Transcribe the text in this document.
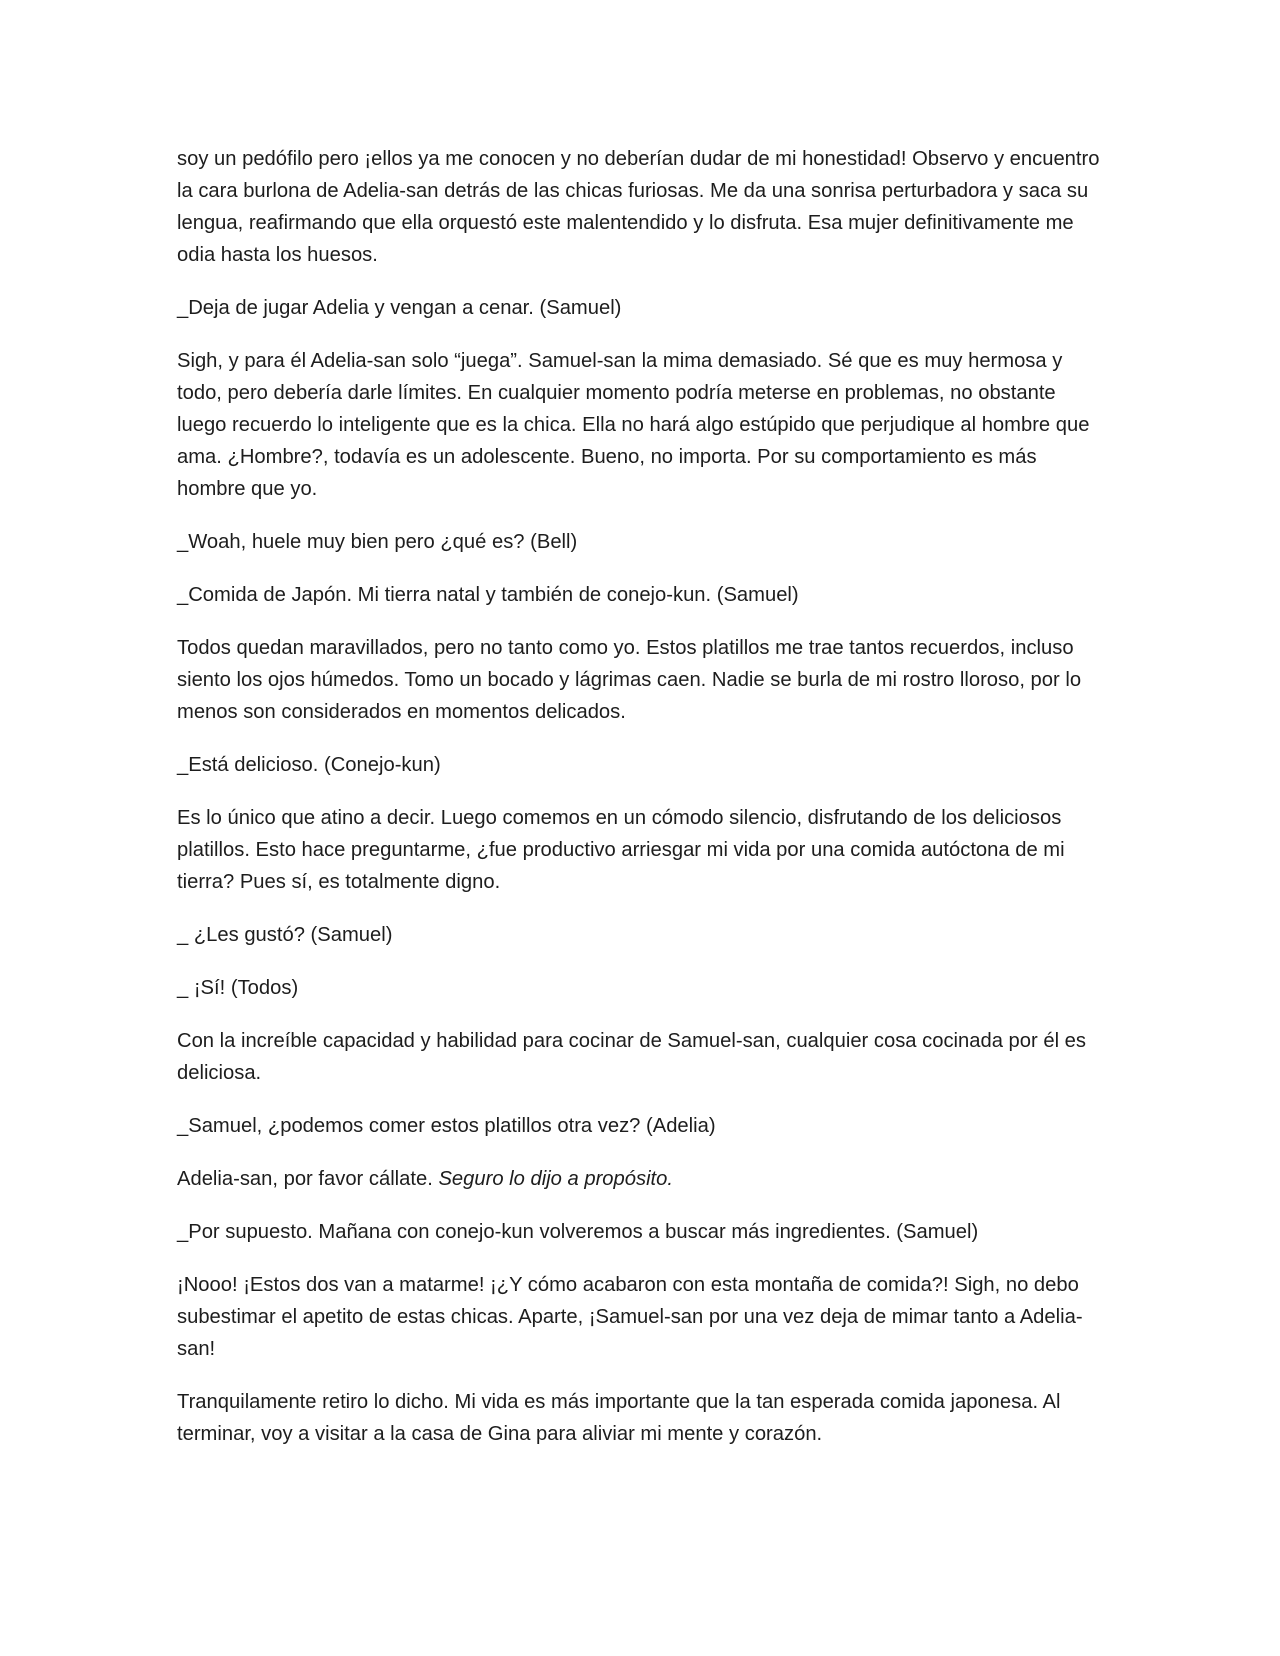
soy un pedófilo pero ¡ellos ya me conocen y no deberían dudar de mi honestidad! Observo y encuentro la cara burlona de Adelia-san detrás de las chicas furiosas. Me da una sonrisa perturbadora y saca su lengua, reafirmando que ella orquestó este malentendido y lo disfruta. Esa mujer definitivamente me odia hasta los huesos.

_Deja de jugar Adelia y vengan a cenar. (Samuel)

Sigh, y para él Adelia-san solo “juega”. Samuel-san la mima demasiado. Sé que es muy hermosa y todo, pero debería darle límites. En cualquier momento podría meterse en problemas, no obstante luego recuerdo lo inteligente que es la chica. Ella no hará algo estúpido que perjudique al hombre que ama. ¿Hombre?, todavía es un adolescente. Bueno, no importa. Por su comportamiento es más hombre que yo.

_Woah, huele muy bien pero ¿qué es? (Bell)

_Comida de Japón. Mi tierra natal y también de conejo-kun. (Samuel)

Todos quedan maravillados, pero no tanto como yo. Estos platillos me trae tantos recuerdos, incluso siento los ojos húmedos. Tomo un bocado y lágrimas caen. Nadie se burla de mi rostro lloroso, por lo menos son considerados en momentos delicados.

_Está delicioso. (Conejo-kun)

Es lo único que atino a decir. Luego comemos en un cómodo silencio, disfrutando de los deliciosos platillos. Esto hace preguntarme, ¿fue productivo arriesgar mi vida por una comida autóctona de mi tierra? Pues sí, es totalmente digno.

_ ¿Les gustó? (Samuel)

_ ¡Sí! (Todos)

Con la increíble capacidad y habilidad para cocinar de Samuel-san, cualquier cosa cocinada por él es deliciosa.

_Samuel, ¿podemos comer estos platillos otra vez? (Adelia)

Adelia-san, por favor cállate. Seguro lo dijo a propósito.

_Por supuesto. Mañana con conejo-kun volveremos a buscar más ingredientes. (Samuel)

¡Nooo! ¡Estos dos van a matarme! ¡¿Y cómo acabaron con esta montaña de comida?! Sigh, no debo subestimar el apetito de estas chicas. Aparte, ¡Samuel-san por una vez deja de mimar tanto a Adelia-san!

Tranquilamente retiro lo dicho. Mi vida es más importante que la tan esperada comida japonesa. Al terminar, voy a visitar a la casa de Gina para aliviar mi mente y corazón.
